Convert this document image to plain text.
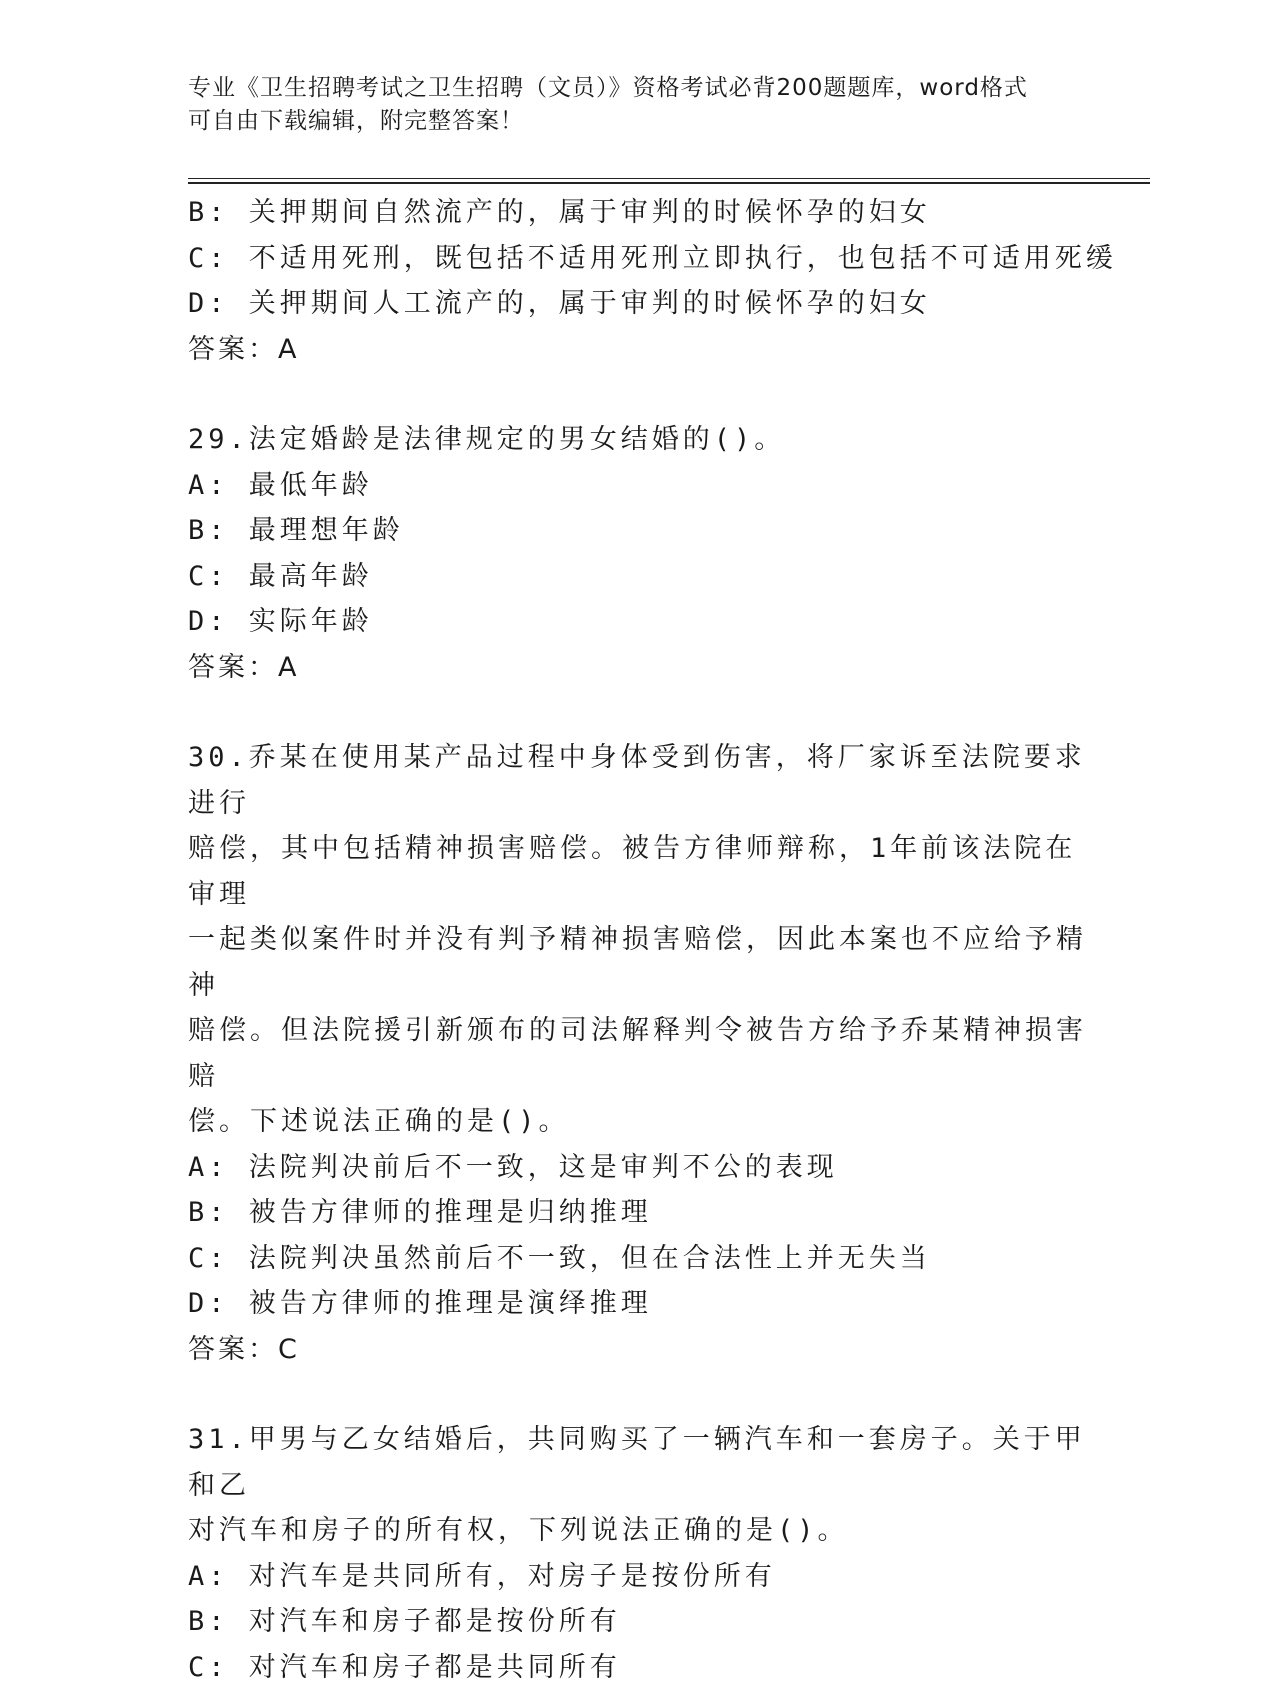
专业《卫生招聘考试之卫生招聘（文员）》资格考试必背200题题库，word格式
可自由下载编辑，附完整答案！
B: 关押期间自然流产的，属于审判的时候怀孕的妇女
C: 不适用死刑，既包括不适用死刑立即执行，也包括不可适用死缓
D: 关押期间人工流产的，属于审判的时候怀孕的妇女
答案：A
29.法定婚龄是法律规定的男女结婚的()。
A: 最低年龄
B: 最理想年龄
C: 最高年龄
D: 实际年龄
答案：A
30.乔某在使用某产品过程中身体受到伤害，将厂家诉至法院要求进行
赔偿，其中包括精神损害赔偿。被告方律师辩称，1年前该法院在审理
一起类似案件时并没有判予精神损害赔偿，因此本案也不应给予精神
赔偿。但法院援引新颁布的司法解释判令被告方给予乔某精神损害赔
偿。下述说法正确的是()。
A: 法院判决前后不一致，这是审判不公的表现
B: 被告方律师的推理是归纳推理
C: 法院判决虽然前后不一致，但在合法性上并无失当
D: 被告方律师的推理是演绎推理
答案：C
31.甲男与乙女结婚后，共同购买了一辆汽车和一套房子。关于甲和乙
对汽车和房子的所有权，下列说法正确的是()。
A: 对汽车是共同所有，对房子是按份所有
B: 对汽车和房子都是按份所有
C: 对汽车和房子都是共同所有
